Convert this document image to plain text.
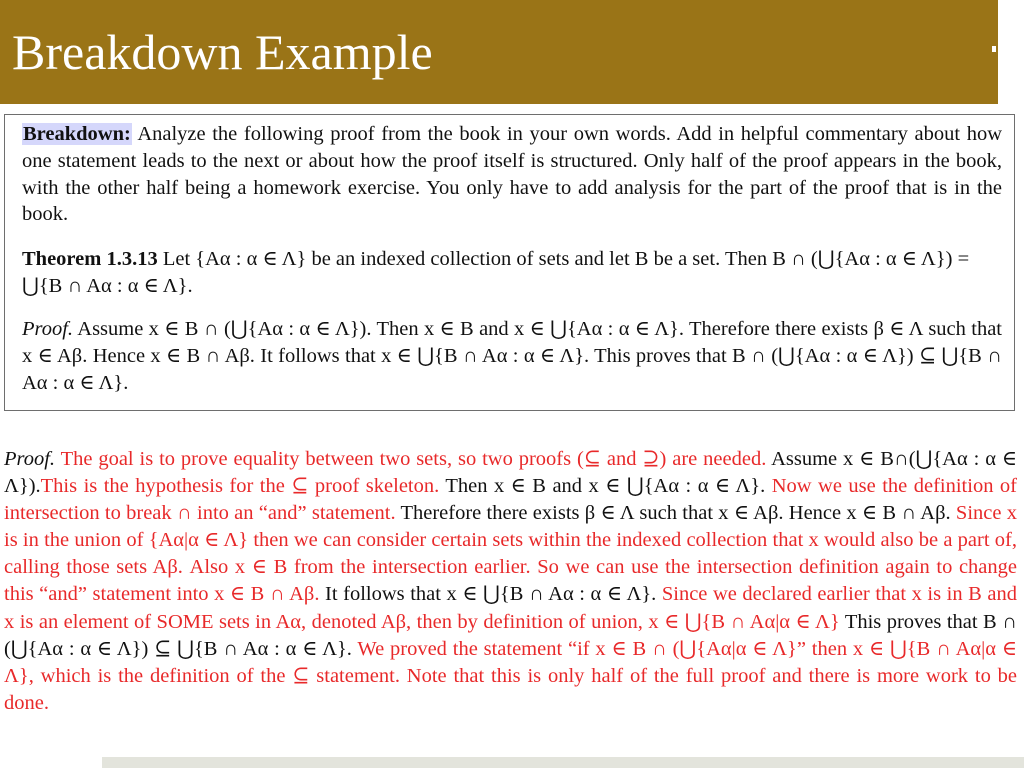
Breakdown Example

Breakdown: Analyze the following proof from the book in your own words. Add in helpful commentary about how one statement leads to the next or about how the proof itself is structured. Only half of the proof appears in the book, with the other half being a homework exercise. You only have to add analysis for the part of the proof that is in the book.

Theorem 1.3.13 Let {Aα : α ∈ Λ} be an indexed collection of sets and let B be a set. Then B ∩ (⋃{Aα : α ∈ Λ}) = ⋃{B ∩ Aα : α ∈ Λ}.

Proof. Assume x ∈ B ∩ (⋃{Aα : α ∈ Λ}). Then x ∈ B and x ∈ ⋃{Aα : α ∈ Λ}. Therefore there exists β ∈ Λ such that x ∈ Aβ. Hence x ∈ B ∩ Aβ. It follows that x ∈ ⋃{B ∩ Aα : α ∈ Λ}. This proves that B ∩ (⋃{Aα : α ∈ Λ}) ⊆ ⋃{B ∩ Aα : α ∈ Λ}.

Proof. The goal is to prove equality between two sets, so two proofs (⊆ and ⊇) are needed. Assume x ∈ B∩(⋃{Aα : α ∈ Λ}).This is the hypothesis for the ⊆ proof skeleton. Then x ∈ B and x ∈ ⋃{Aα : α ∈ Λ}. Now we use the definition of intersection to break ∩ into an “and” statement. Therefore there exists β ∈ Λ such that x ∈ Aβ. Hence x ∈ B ∩ Aβ. Since x is in the union of {Aα|α ∈ Λ} then we can consider certain sets within the indexed collection that x would also be a part of, calling those sets Aβ. Also x ∈ B from the intersection earlier. So we can use the intersection definition again to change this “and” statement into x ∈ B ∩ Aβ. It follows that x ∈ ⋃{B ∩ Aα : α ∈ Λ}. Since we declared earlier that x is in B and x is an element of SOME sets in Aα, denoted Aβ, then by definition of union, x ∈ ⋃{B ∩ Aα|α ∈ Λ} This proves that B ∩ (⋃{Aα : α ∈ Λ}) ⊆ ⋃{B ∩ Aα : α ∈ Λ}. We proved the statement “if x ∈ B ∩ (⋃{Aα|α ∈ Λ}” then x ∈ ⋃{B ∩ Aα|α ∈ Λ}, which is the definition of the ⊆ statement. Note that this is only half of the full proof and there is more work to be done.
